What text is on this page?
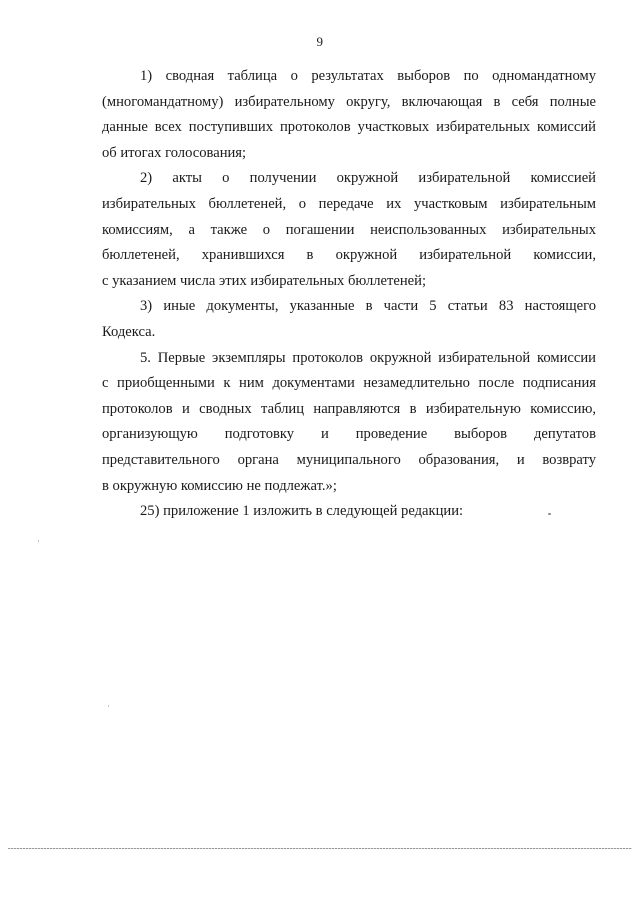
9

1) сводная таблица о результатах выборов по одномандатному
(многомандатному) избирательному округу, включающая в себя полные
данные всех поступивших протоколов участковых избирательных комиссий
об итогах голосования;

2) акты о получении окружной избирательной комиссией
избирательных бюллетеней, о передаче их участковым избирательным
комиссиям, а также о погашении неиспользованных избирательных
бюллетеней, хранившихся в окружной избирательной комиссии,
с указанием числа этих избирательных бюллетеней;

3) иные документы, указанные в части 5 статьи 83 настоящего
Кодекса.

5. Первые экземпляры протоколов окружной избирательной комиссии
с приобщенными к ним документами незамедлительно после подписания
протоколов и сводных таблиц направляются в избирательную комиссию,
организующую подготовку и проведение выборов депутатов
представительного органа муниципального образования, и возврату
в окружную комиссию не подлежат.»;

25) приложение 1 изложить в следующей редакции:
